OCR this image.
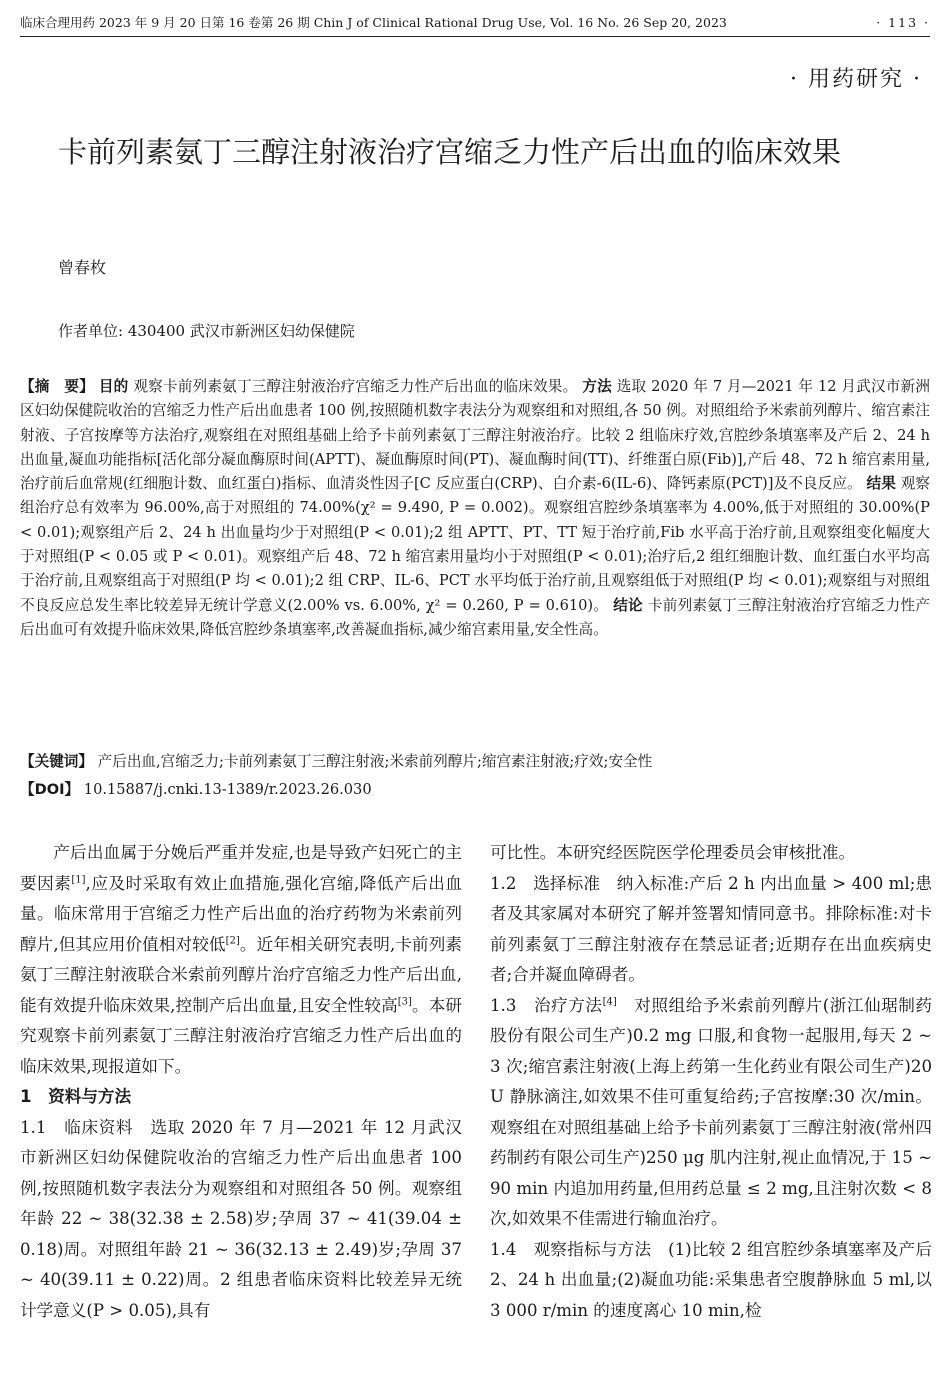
临床合理用药 2023 年 9 月 20 日第 16 卷第 26 期 Chin J of Clinical Rational Drug Use, Vol. 16 No. 26 Sep 20, 2023	· 113 ·
· 用药研究 ·
卡前列素氨丁三醇注射液治疗宫缩乏力性产后出血的临床效果
曾春枚
作者单位: 430400 武汉市新洲区妇幼保健院

【摘　要】 目的 观察卡前列素氨丁三醇注射液治疗宫缩乏力性产后出血的临床效果。 方法 选取 2020 年 7 月—2021 年 12 月武汉市新洲区妇幼保健院收治的宫缩乏力性产后出血患者 100 例,按照随机数字表法分为观察组和对照组,各 50 例。对照组给予米索前列醇片、缩宫素注射液、子宫按摩等方法治疗,观察组在对照组基础上给予卡前列素氨丁三醇注射液治疗。比较 2 组临床疗效,宫腔纱条填塞率及产后 2、24 h 出血量,凝血功能指标[活化部分凝血酶原时间(APTT)、凝血酶原时间(PT)、凝血酶时间(TT)、纤维蛋白原(Fib)],产后 48、72 h 缩宫素用量,治疗前后血常规(红细胞计数、血红蛋白)指标、血清炎性因子[C 反应蛋白(CRP)、白介素-6(IL-6)、降钙素原(PCT)]及不良反应。 结果 观察组治疗总有效率为 96.00%,高于对照组的 74.00%(χ² = 9.490, P = 0.002)。观察组宫腔纱条填塞率为 4.00%,低于对照组的 30.00%(P < 0.01);观察组产后 2、24 h 出血量均少于对照组(P < 0.01);2 组 APTT、PT、TT 短于治疗前,Fib 水平高于治疗前,且观察组变化幅度大于对照组(P < 0.05 或 P < 0.01)。观察组产后 48、72 h 缩宫素用量均小于对照组(P < 0.01);治疗后,2 组红细胞计数、血红蛋白水平均高于治疗前,且观察组高于对照组(P 均 < 0.01);2 组 CRP、IL-6、PCT 水平均低于治疗前,且观察组低于对照组(P 均 < 0.01);观察组与对照组不良反应总发生率比较差异无统计学意义(2.00% vs. 6.00%, χ² = 0.260, P = 0.610)。 结论 卡前列素氨丁三醇注射液治疗宫缩乏力性产后出血可有效提升临床效果,降低宫腔纱条填塞率,改善凝血指标,减少缩宫素用量,安全性高。

【关键词】 产后出血,宫缩乏力;卡前列素氨丁三醇注射液;米索前列醇片;缩宫素注射液;疗效;安全性
【DOI】 10.15887/j.cnki.13-1389/r.2023.26.030

产后出血属于分娩后严重并发症,也是导致产妇死亡的主要因素[1],应及时采取有效止血措施,强化宫缩,降低产后出血量。临床常用于宫缩乏力性产后出血的治疗药物为米索前列醇片,但其应用价值相对较低[2]。近年相关研究表明,卡前列素氨丁三醇注射液联合米索前列醇片治疗宫缩乏力性产后出血,能有效提升临床效果,控制产后出血量,且安全性较高[3]。本研究观察卡前列素氨丁三醇注射液治疗宫缩乏力性产后出血的临床效果,现报道如下。

1　资料与方法

1.1　临床资料　选取 2020 年 7 月—2021 年 12 月武汉市新洲区妇幼保健院收治的宫缩乏力性产后出血患者 100 例,按照随机数字表法分为观察组和对照组各 50 例。观察组年龄 22 ~ 38(32.38 ± 2.58)岁;孕周 37 ~ 41(39.04 ± 0.18)周。对照组年龄 21 ~ 36(32.13 ± 2.49)岁;孕周 37 ~ 40(39.11 ± 0.22)周。2 组患者临床资料比较差异无统计学意义(P > 0.05),具有

可比性。本研究经医院医学伦理委员会审核批准。

1.2　选择标准　纳入标准:产后 2 h 内出血量 > 400 ml;患者及其家属对本研究了解并签署知情同意书。排除标准:对卡前列素氨丁三醇注射液存在禁忌证者;近期存在出血疾病史者;合并凝血障碍者。

1.3　治疗方法[4]　对照组给予米索前列醇片(浙江仙琚制药股份有限公司生产)0.2 mg 口服,和食物一起服用,每天 2 ~ 3 次;缩宫素注射液(上海上药第一生化药业有限公司生产)20 U 静脉滴注,如效果不佳可重复给药;子宫按摩:30 次/min。观察组在对照组基础上给予卡前列素氨丁三醇注射液(常州四药制药有限公司生产)250 μg 肌内注射,视止血情况,于 15 ~ 90 min 内追加用药量,但用药总量 ≤ 2 mg,且注射次数 < 8 次,如效果不佳需进行输血治疗。

1.4　观察指标与方法　(1)比较 2 组宫腔纱条填塞率及产后 2、24 h 出血量;(2)凝血功能:采集患者空腹静脉血 5 ml,以 3 000 r/min 的速度离心 10 min,检
